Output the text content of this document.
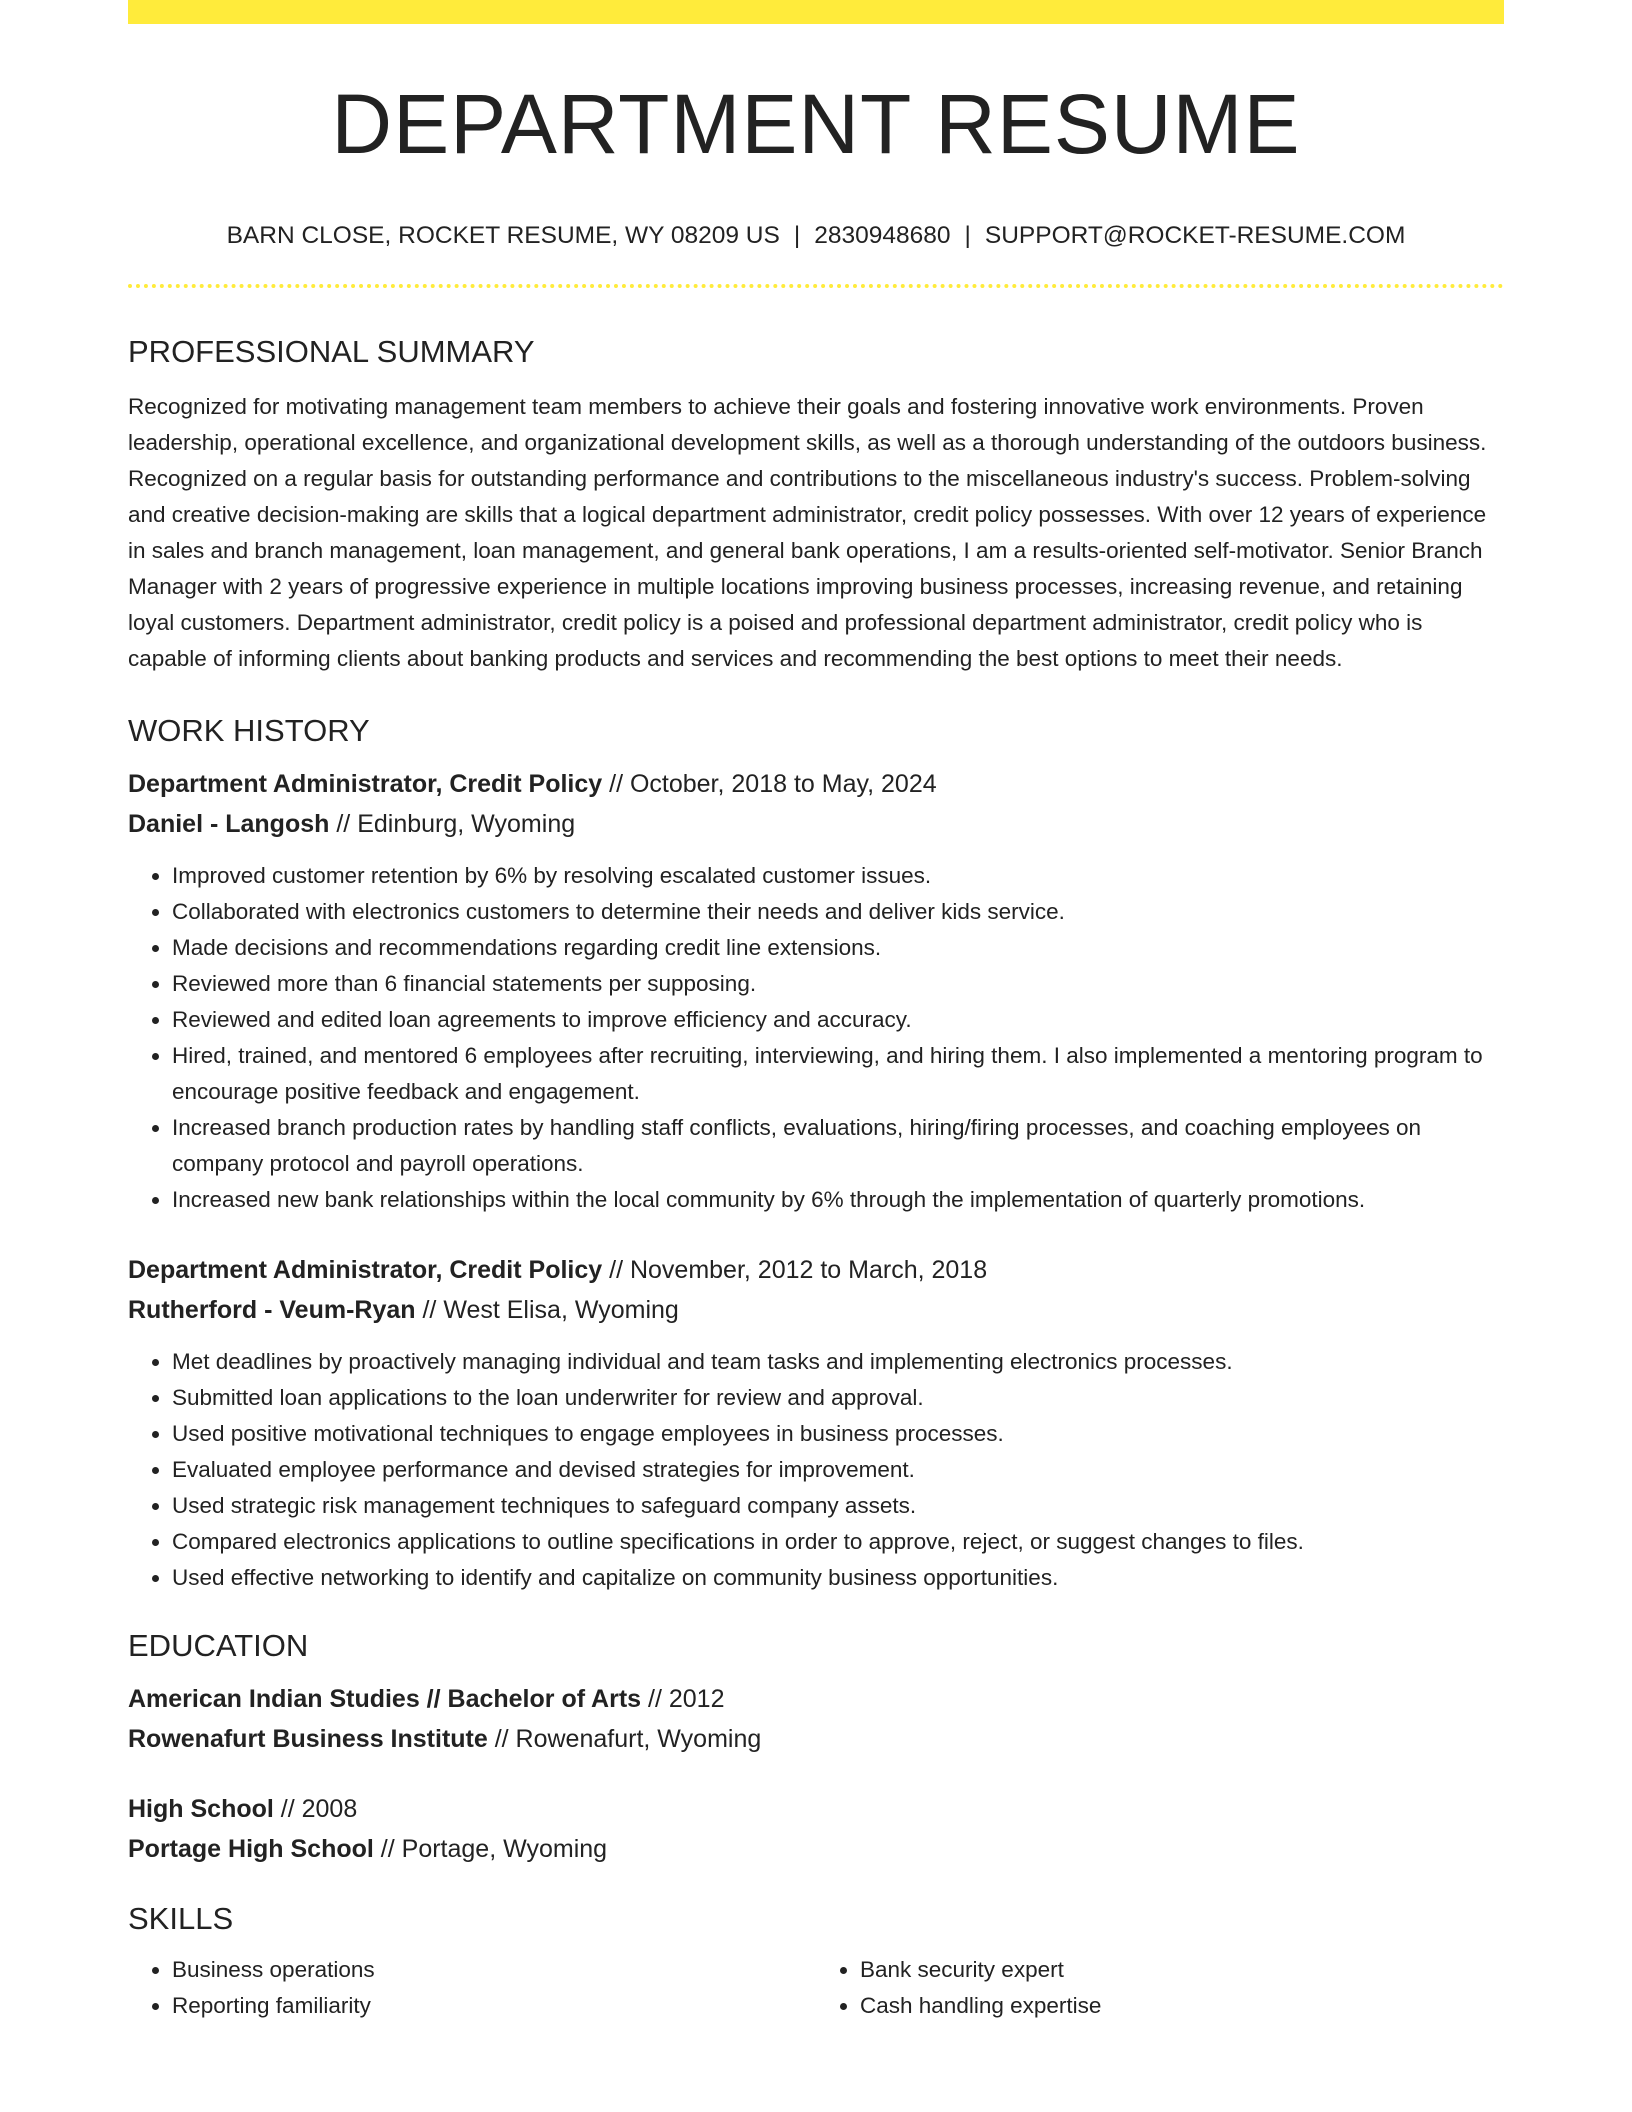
DEPARTMENT RESUME
BARN CLOSE, ROCKET RESUME, WY 08209 US | 2830948680 | SUPPORT@ROCKET-RESUME.COM
PROFESSIONAL SUMMARY

Recognized for motivating management team members to achieve their goals and fostering innovative work environments. Proven leadership, operational excellence, and organizational development skills, as well as a thorough understanding of the outdoors business. Recognized on a regular basis for outstanding performance and contributions to the miscellaneous industry's success. Problem-solving and creative decision-making are skills that a logical department administrator, credit policy possesses. With over 12 years of experience in sales and branch management, loan management, and general bank operations, I am a results-oriented self-motivator. Senior Branch Manager with 2 years of progressive experience in multiple locations improving business processes, increasing revenue, and retaining loyal customers. Department administrator, credit policy is a poised and professional department administrator, credit policy who is capable of informing clients about banking products and services and recommending the best options to meet their needs.

WORK HISTORY
Department Administrator, Credit Policy // October, 2018 to May, 2024
Daniel - Langosh // Edinburg, Wyoming
• Improved customer retention by 6% by resolving escalated customer issues.
• Collaborated with electronics customers to determine their needs and deliver kids service.
• Made decisions and recommendations regarding credit line extensions.
• Reviewed more than 6 financial statements per supposing.
• Reviewed and edited loan agreements to improve efficiency and accuracy.
• Hired, trained, and mentored 6 employees after recruiting, interviewing, and hiring them. I also implemented a mentoring program to encourage positive feedback and engagement.
• Increased branch production rates by handling staff conflicts, evaluations, hiring/firing processes, and coaching employees on company protocol and payroll operations.
• Increased new bank relationships within the local community by 6% through the implementation of quarterly promotions.
Department Administrator, Credit Policy // November, 2012 to March, 2018
Rutherford - Veum-Ryan // West Elisa, Wyoming
• Met deadlines by proactively managing individual and team tasks and implementing electronics processes.
• Submitted loan applications to the loan underwriter for review and approval.
• Used positive motivational techniques to engage employees in business processes.
• Evaluated employee performance and devised strategies for improvement.
• Used strategic risk management techniques to safeguard company assets.
• Compared electronics applications to outline specifications in order to approve, reject, or suggest changes to files.
• Used effective networking to identify and capitalize on community business opportunities.
EDUCATION
American Indian Studies // Bachelor of Arts // 2012
Rowenafurt Business Institute // Rowenafurt, Wyoming
High School // 2008
Portage High School // Portage, Wyoming
SKILLS
• Business operations
• Reporting familiarity
• Bank security expert
• Cash handling expertise
